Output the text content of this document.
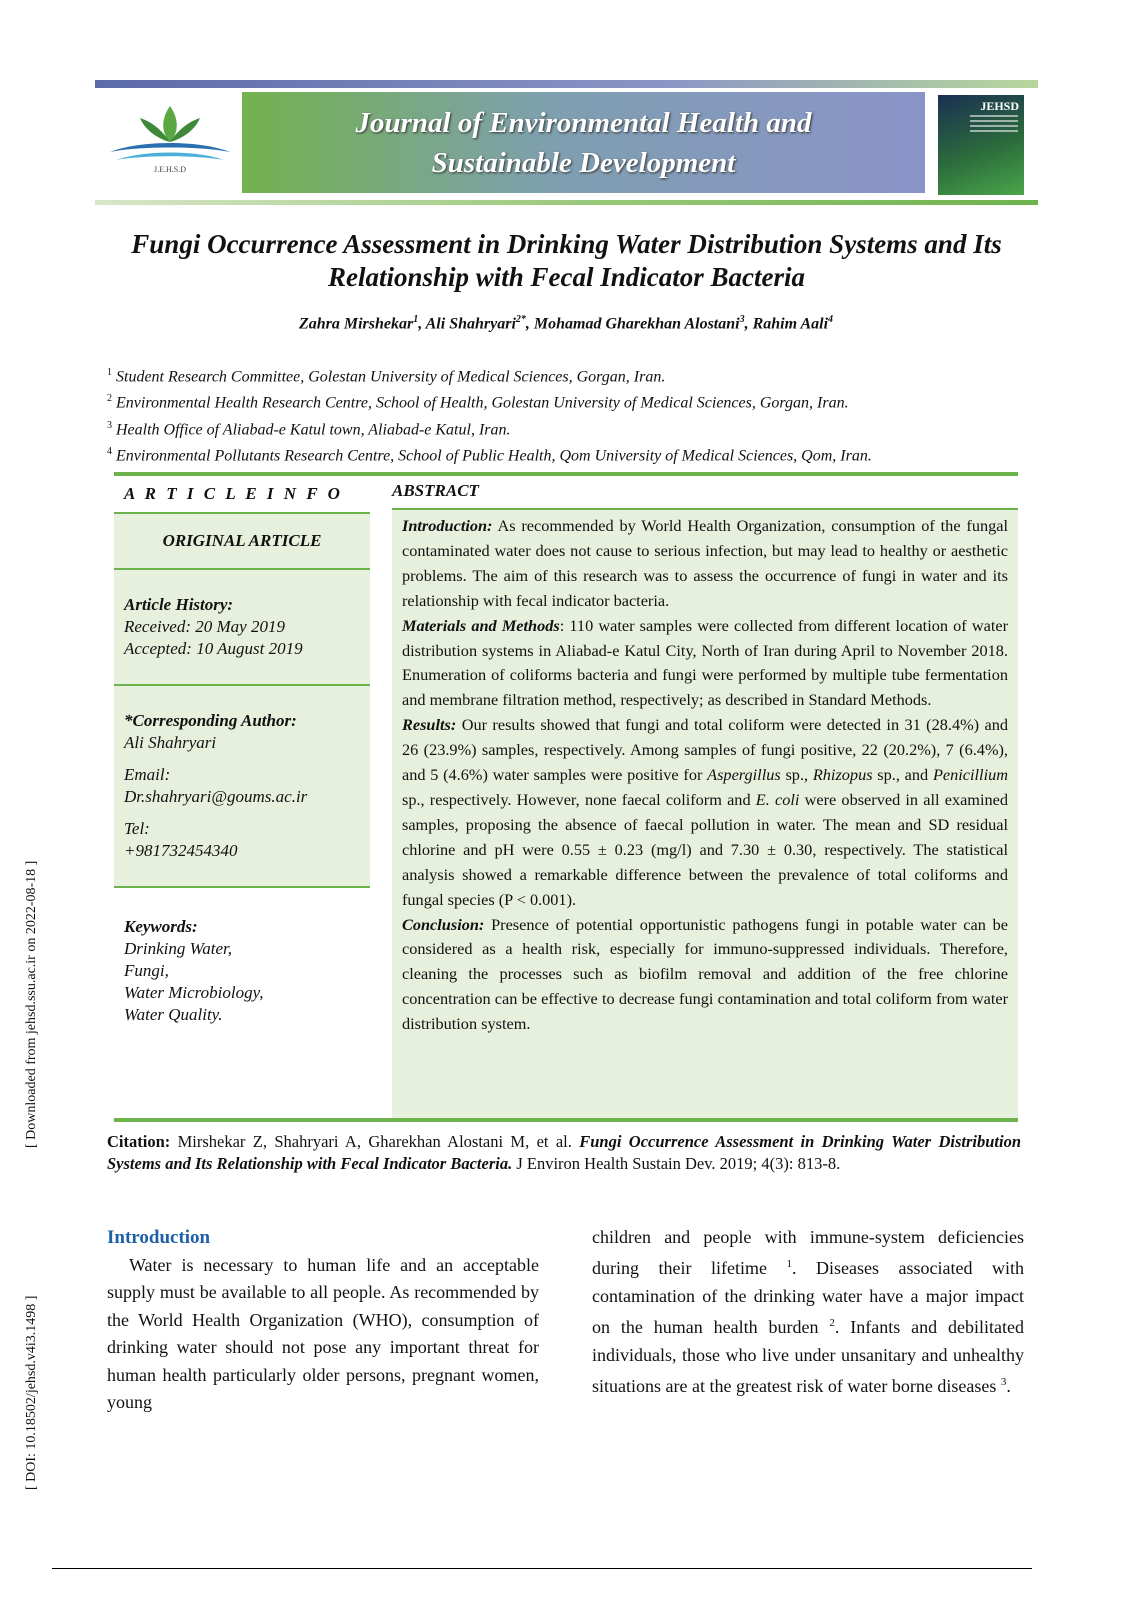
J.E.H.S.D
Journal of Environmental Health and
Sustainable Development
JEHSD
Fungi Occurrence Assessment in Drinking Water Distribution Systems and Its Relationship with Fecal Indicator Bacteria
Zahra Mirshekar$^1$, Ali Shahryari$^{2*}$, Mohamad Gharekhan Alostani$^3$, Rahim Aali$^4$
$^1$ Student Research Committee, Golestan University of Medical Sciences, Gorgan, Iran.
$^2$ Environmental Health Research Centre, School of Health, Golestan University of Medical Sciences, Gorgan, Iran.
$^3$ Health Office of Aliabad-e Katul town, Aliabad-e Katul, Iran.
$^4$ Environmental Pollutants Research Centre, School of Public Health, Qom University of Medical Sciences, Qom, Iran.
A R T I C L E I N F O
ORIGINAL ARTICLE
Article History:
Received: 20 May 2019
Accepted: 10 August 2019
*Corresponding Author:
Ali Shahryari
Email:
Dr.shahryari@goums.ac.ir
Tel:
+981732454340
Keywords:
Drinking Water,
Fungi,
Water Microbiology,
Water Quality.
ABSTRACT

Introduction: As recommended by World Health Organization, consumption of the fungal contaminated water does not cause to serious infection, but may lead to healthy or aesthetic problems. The aim of this research was to assess the occurrence of fungi in water and its relationship with fecal indicator bacteria.

Materials and Methods: 110 water samples were collected from different location of water distribution systems in Aliabad-e Katul City, North of Iran during April to November 2018. Enumeration of coliforms bacteria and fungi were performed by multiple tube fermentation and membrane filtration method, respectively; as described in Standard Methods.

Results: Our results showed that fungi and total coliform were detected in 31 (28.4%) and 26 (23.9%) samples, respectively. Among samples of fungi positive, 22 (20.2%), 7 (6.4%), and 5 (4.6%) water samples were positive for Aspergillus sp., Rhizopus sp., and Penicillium sp., respectively. However, none faecal coliform and E. coli were observed in all examined samples, proposing the absence of faecal pollution in water. The mean and SD residual chlorine and pH were 0.55 ± 0.23 (mg/l) and 7.30 ± 0.30, respectively. The statistical analysis showed a remarkable difference between the prevalence of total coliforms and fungal species (P < 0.001).

Conclusion: Presence of potential opportunistic pathogens fungi in potable water can be considered as a health risk, especially for immuno-suppressed individuals. Therefore, cleaning the processes such as biofilm removal and addition of the free chlorine concentration can be effective to decrease fungi contamination and total coliform from water distribution system.

Citation: Mirshekar Z, Shahryari A, Gharekhan Alostani M, et al. Fungi Occurrence Assessment in Drinking Water Distribution Systems and Its Relationship with Fecal Indicator Bacteria. J Environ Health Sustain Dev. 2019; 4(3): 813-8.
[ Downloaded from jehsd.ssu.ac.ir on 2022-08-18 ]
[ DOI: 10.18502/jehsd.v4i3.1498 ]

Introduction

Water is necessary to human life and an acceptable supply must be available to all people. As recommended by the World Health Organization (WHO), consumption of drinking water should not pose any important threat for human health particularly older persons, pregnant women, young

children and people with immune-system deficiencies during their lifetime $^1$. Diseases associated with contamination of the drinking water have a major impact on the human health burden $^2$. Infants and debilitated individuals, those who live under unsanitary and unhealthy situations are at the greatest risk of water borne diseases $^3$.
